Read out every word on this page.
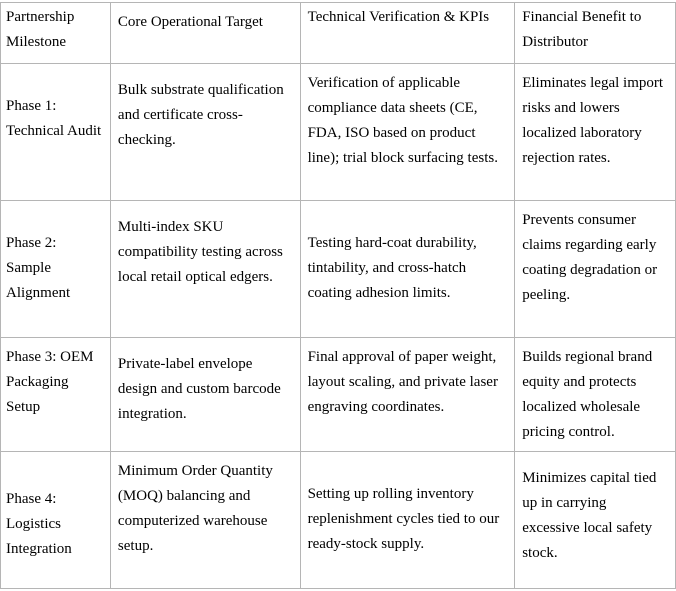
Partnership Milestone	Core Operational Target	Technical Verification & KPIs	Financial Benefit to Distributor
Phase 1: Technical Audit	Bulk substrate qualification and certificate cross-checking.	Verification of applicable compliance data sheets (CE, FDA, ISO based on product line); trial block surfacing tests.	Eliminates legal import risks and lowers localized laboratory rejection rates.
Phase 2: Sample Alignment	Multi-index SKU compatibility testing across local retail optical edgers.	Testing hard-coat durability, tintability, and cross-hatch coating adhesion limits.	Prevents consumer claims regarding early coating degradation or peeling.
Phase 3: OEM Packaging Setup	Private-label envelope design and custom barcode integration.	Final approval of paper weight, layout scaling, and private laser engraving coordinates.	Builds regional brand equity and protects localized wholesale pricing control.
Phase 4: Logistics Integration	Minimum Order Quantity (MOQ) balancing and computerized warehouse setup.	Setting up rolling inventory replenishment cycles tied to our ready-stock supply.	Minimizes capital tied up in carrying excessive local safety stock.
